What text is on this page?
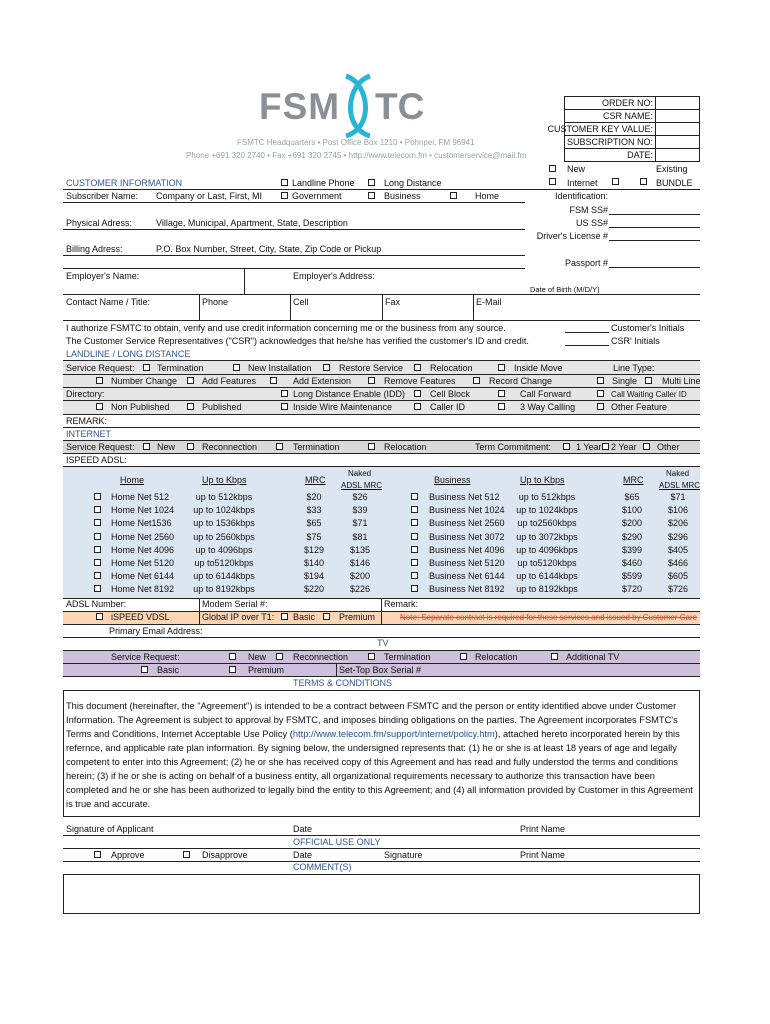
FSM TC
FSMTC Headquarters • Post Office Box 1210 • Pohnpei, FM 96941
Phone +691 320 2740 • Fax +691 320 2745 • http://www.telecom.fm • customerservice@mail.fm
ORDER NO:
CSR NAME:
CUSTOMER KEY VALUE:
SUBSCRIPTION NO:
DATE:
New	Existing
Internet	BUNDLE
CUSTOMER INFORMATION
Subscriber Name: Company or Last, First, MI
Landline Phone	Long Distance
Government	Business	Home	Identification:
FSM SS#
US SS#
Driver's License #
Physical Adress:	Village, Municipal, Apartment, State, Description
Billing Adress:	P.O. Box Number, Street, City, State, Zip Code or Pickup
Passport #
Employer's Name:	Employer's Address:
Date of Birth (M/D/Y)
Contact Name / Title:	Phone	Cell	Fax	E-Mail
I authorize FSMTC to obtain, verify and use credit information concerning me or the business from any source.
The Customer Service Representatives ("CSR") acknowledges that he/she has verified the customer's ID and credit.
Customer's Initials
CSR' Initials
LANDLINE / LONG DISTANCE
Service Request: Termination	New Installation	Restore Service	Relocation	Inside Move	Line Type:
Number Change	Add Features	Add Extension	Remove Features	Record Change	Single	Multi Line
Directory:	Long Distance Enable (IDD)	Cell Block	Call Forward	Call Waiting Caller ID
Non Published	Published	Inside Wire Maintenance	Caller ID	3 Way Calling	Other Feature
REMARK:
INTERNET
Service Request: New	Reconnection	Termination	Relocation	Term Commitment:	1 Year 2 Year Other
ISPEED ADSL:
Home	Up to Kbps	MRC
Naked
ADSL MRC
Business	Up to Kbps	MRC
Naked
ADSL MRC
Home Net 512	up to 512kbps	$20	$26
Home Net 1024	up to 1024kbps	$33	$39
Home Net1536	up to 1536kbps	$65	$71
Home Net 2560	up to 2560kbps	$75	$81
Home Net 4096	up to 4096bps	$129	$135
Home Net 5120	up to5120kbps	$140	$146
Home Net 6144	up to 6144kbps	$194	$200
Home Net 8192	up to 8192kbps	$220	$226
Business Net 512	up to 512kbps	$65	$71
Business Net 1024	up to 1024kbps	$100	$106
Business Net 2560	up to2560kbps	$200	$206
Business Net 3072	up to 3072kbps	$290	$296
Business Net 4096	up to 4096kbps	$399	$405
Business Net 5120	up to5120kbps	$460	$466
Business Net 6144	up to 6144kbps	$599	$605
Business Net 8192	up to 8192kbps	$720	$726
ADSL Number:	Modem Serial #:	Remark:
iSPEED VDSL	Global IP over T1: Basic	Premium	Note: Separate contract is required for these services and issued by Customer Care
Primary Email Address:
TV
Service Request:	New	Reconnection	Termination	Relocation	Additional TV
Basic	Premium	Set-Top Box Serial #
TERMS & CONDITIONS
This document (hereinafter, the "Agreement") is intended to be a contract between FSMTC and the person or entity identified above under Customer Information. The Agreement is subject to approval by FSMTC, and imposes binding obligations on the parties. The Agreement incorporates FSMTC's Terms and Conditions, Internet Acceptable Use Policy (http://www.telecom.fm/support/internet/policy.htm), attached hereto incorporated herein by this refernce, and applicable rate plan information. By signing below, the undersigned represents that: (1) he or she is at least 18 years of age and legally competent to enter into this Agreement; (2) he or she has received copy of this Agreement and has read and fully understod the terms and conditions herein; (3) if he or she is acting on behalf of a business entity, all organizational requirements necessary to authorize this transaction have been completed and he or she has been authorized to legally bind the entity to this Agreement; and (4) all information provided by Customer in this Agreement is true and accurate.
Signature of Applicant	Date	Print Name
OFFICIAL USE ONLY
Approve	Disapprove	Date	Signature	Print Name
COMMENT(S)
